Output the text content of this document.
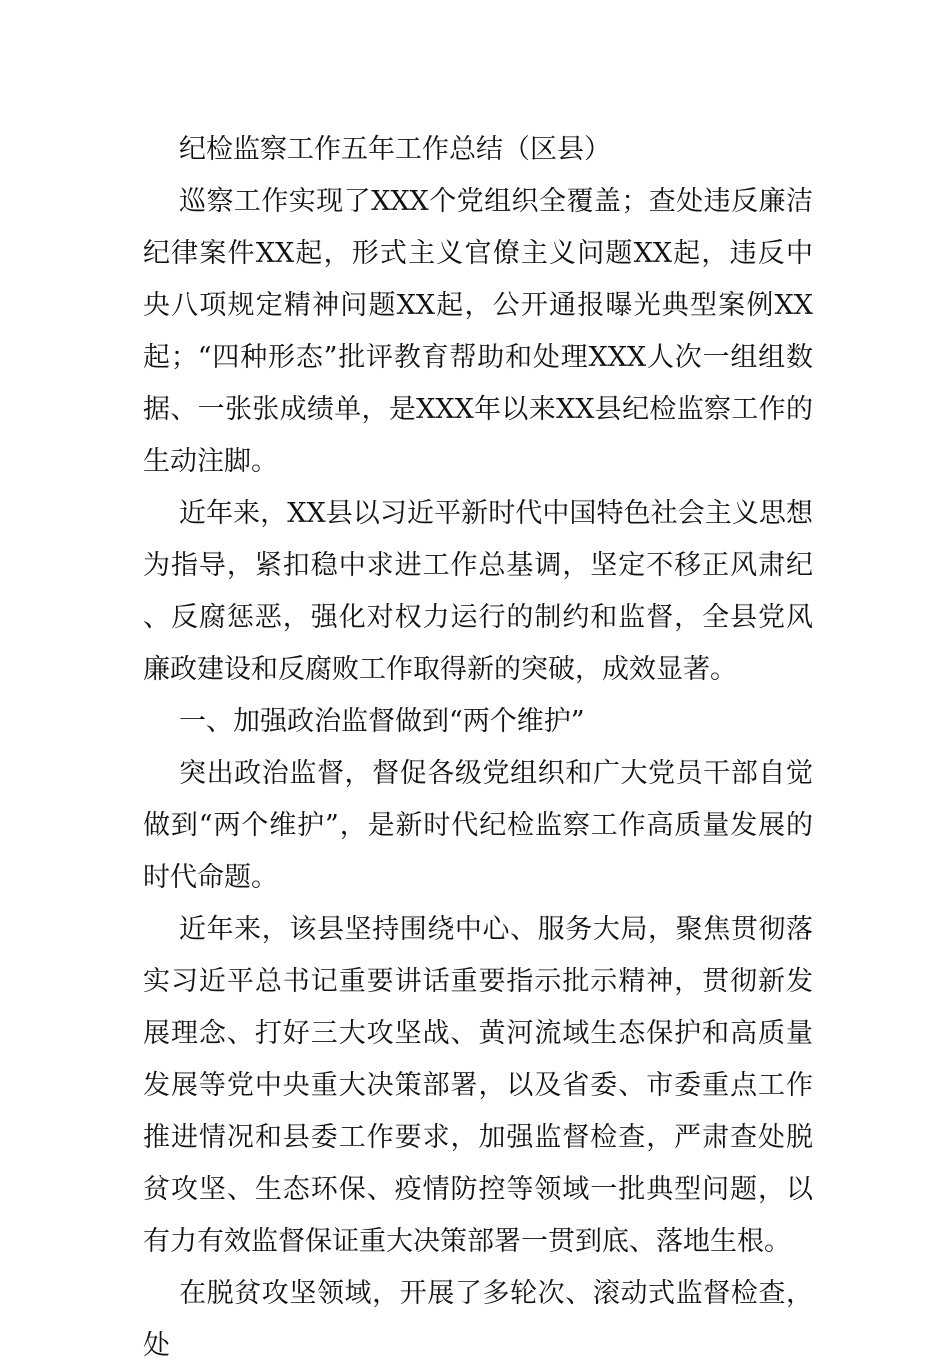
纪检监察工作五年工作总结（区县）

巡察工作实现了XXX个党组织全覆盖；查处违反廉洁纪律案件XX起，形式主义官僚主义问题XX起，违反中央八项规定精神问题XX起，公开通报曝光典型案例XX起；“四种形态”批评教育帮助和处理XXX人次一组组数据、一张张成绩单，是XXX年以来XX县纪检监察工作的生动注脚。

近年来，XX县以习近平新时代中国特色社会主义思想为指导，紧扣稳中求进工作总基调，坚定不移正风肃纪、反腐惩恶，强化对权力运行的制约和监督，全县党风廉政建设和反腐败工作取得新的突破，成效显著。

一、加强政治监督做到“两个维护”

突出政治监督，督促各级党组织和广大党员干部自觉做到“两个维护”，是新时代纪检监察工作高质量发展的时代命题。

近年来，该县坚持围绕中心、服务大局，聚焦贯彻落实习近平总书记重要讲话重要指示批示精神，贯彻新发展理念、打好三大攻坚战、黄河流域生态保护和高质量发展等党中央重大决策部署，以及省委、市委重点工作推进情况和县委工作要求，加强监督检查，严肃查处脱贫攻坚、生态环保、疫情防控等领域一批典型问题，以有力有效监督保证重大决策部署一贯到底、落地生根。

在脱贫攻坚领域，开展了多轮次、滚动式监督检查，处
